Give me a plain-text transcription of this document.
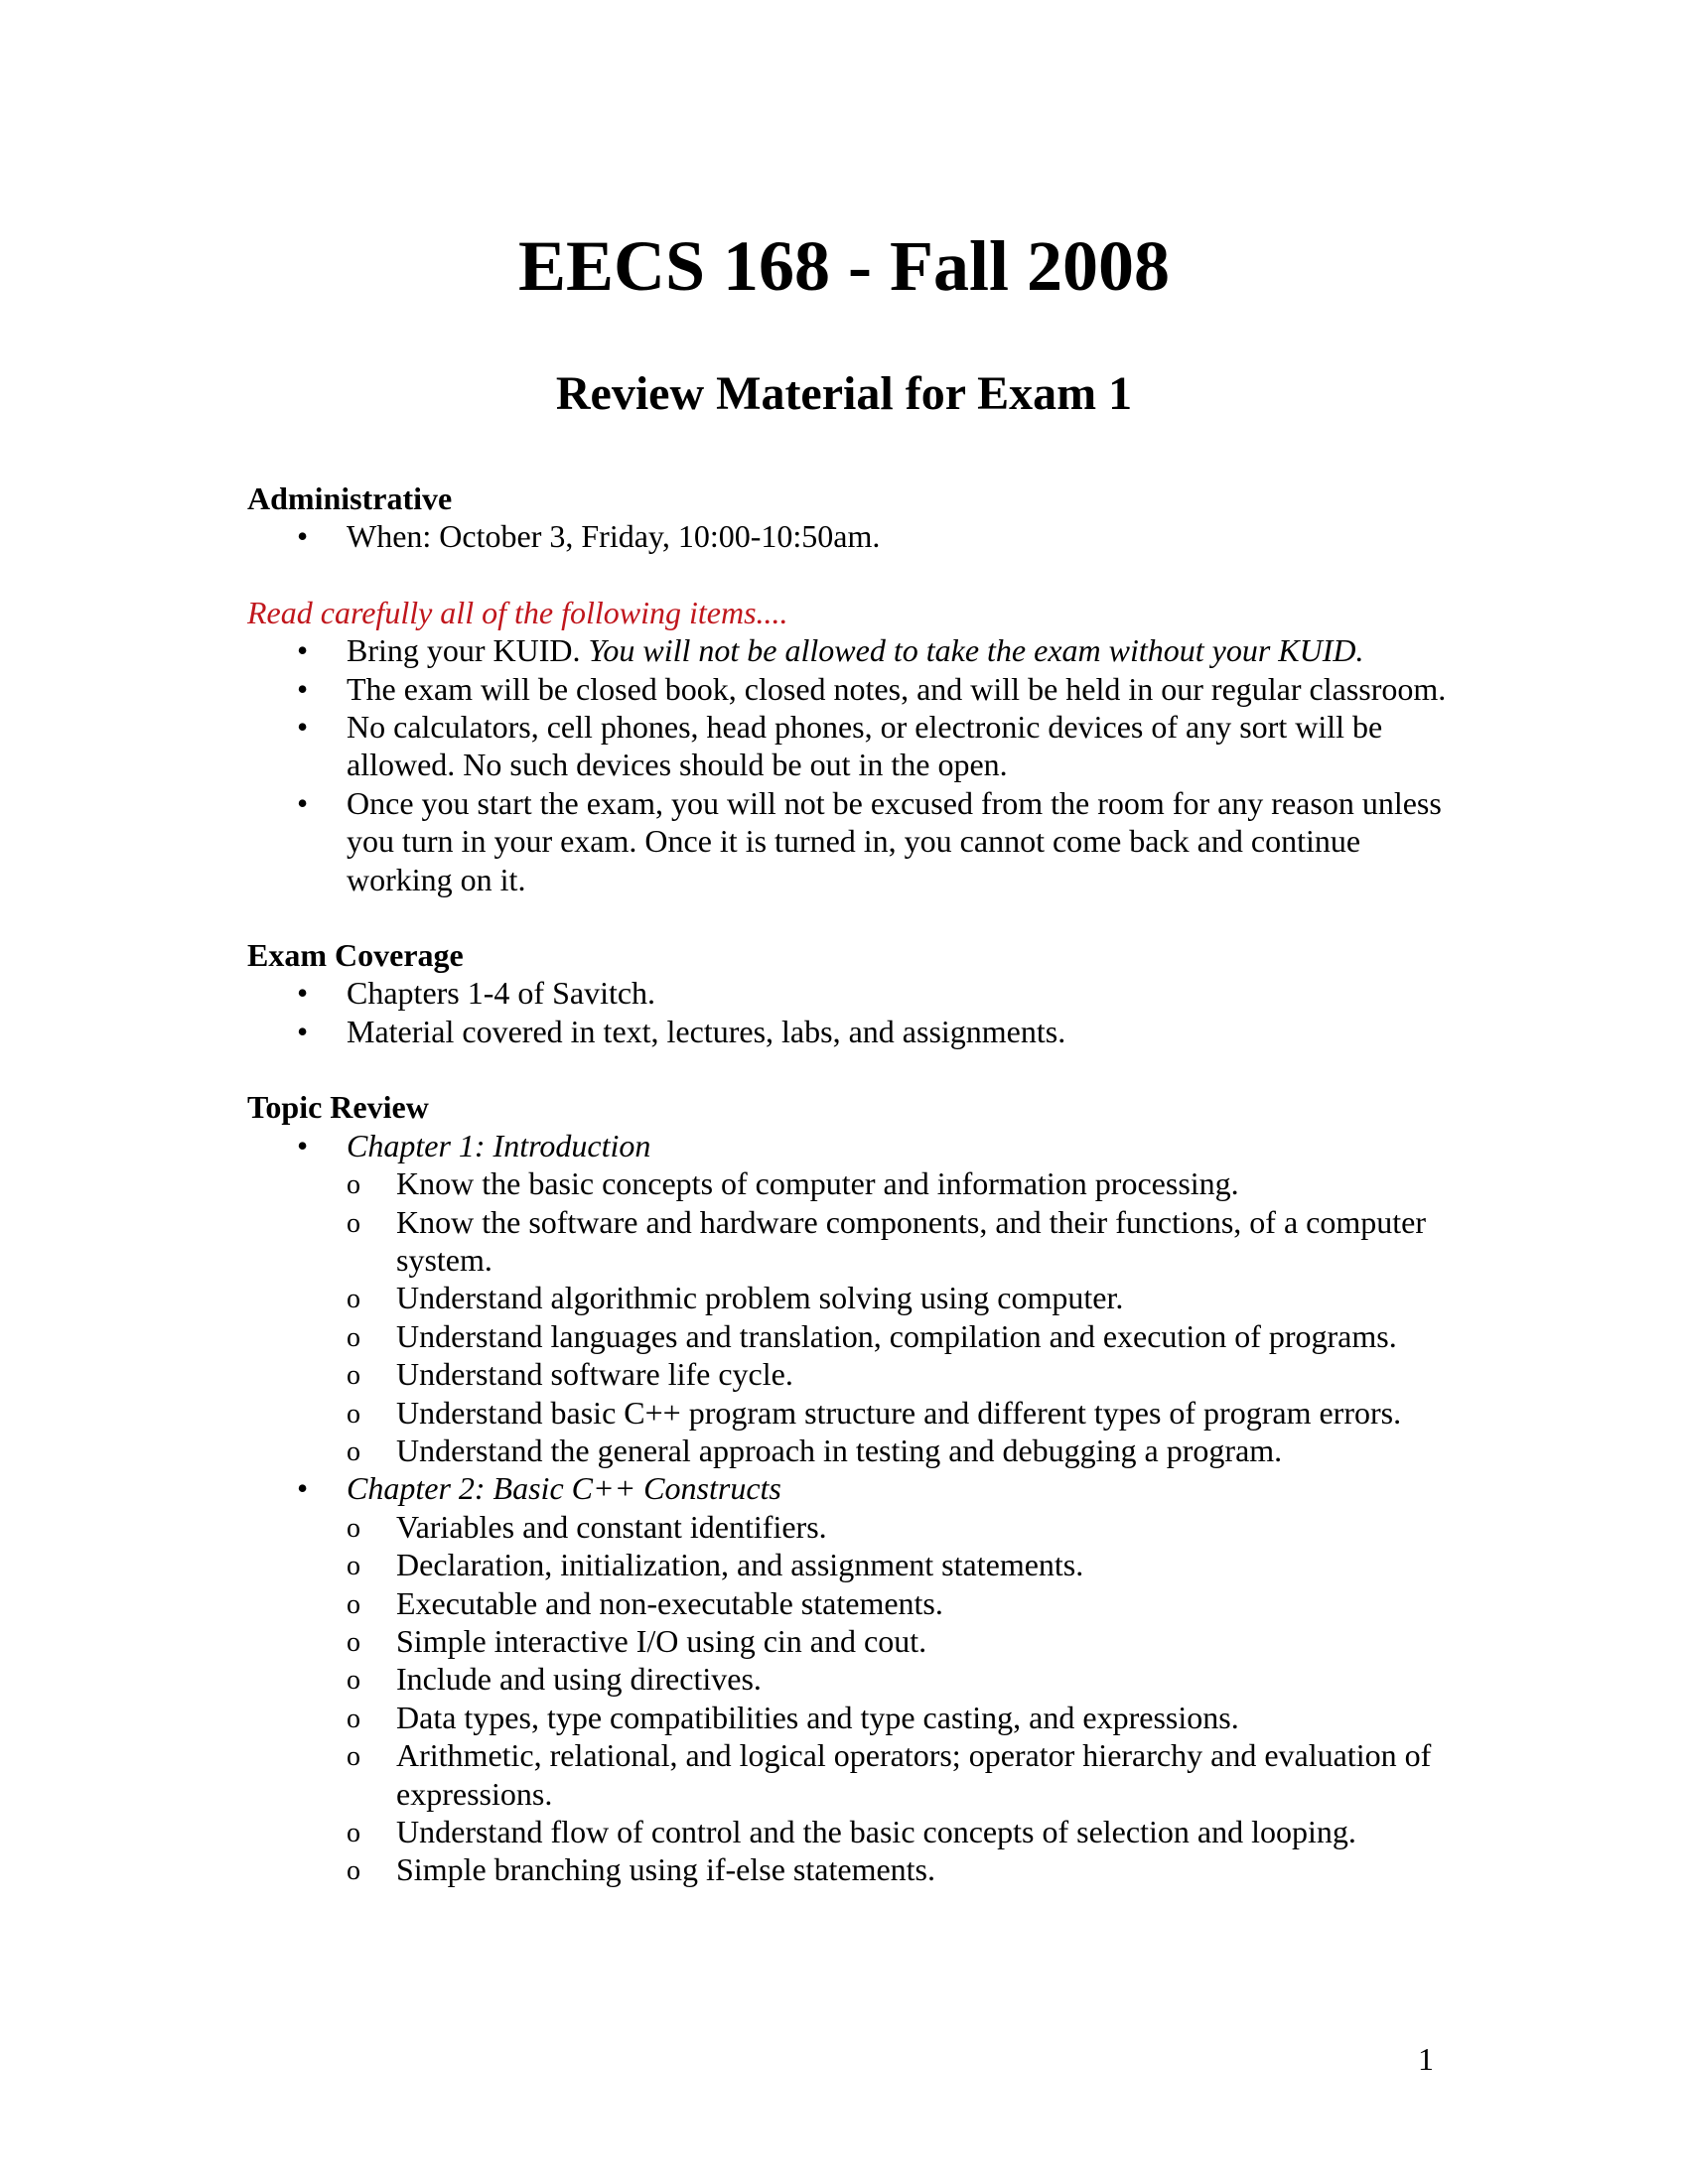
EECS 168 - Fall 2008
Review Material for Exam 1

Administrative

• When: October 3, Friday, 10:00-10:50am.

Read carefully all of the following items....

• Bring your KUID. You will not be allowed to take the exam without your KUID.
• The exam will be closed book, closed notes, and will be held in our regular classroom.
• No calculators, cell phones, head phones, or electronic devices of any sort will be allowed. No such devices should be out in the open.
• Once you start the exam, you will not be excused from the room for any reason unless you turn in your exam. Once it is turned in, you cannot come back and continue working on it.

Exam Coverage

• Chapters 1-4 of Savitch.
• Material covered in text, lectures, labs, and assignments.

Topic Review

• Chapter 1: Introduction
o Know the basic concepts of computer and information processing.
o Know the software and hardware components, and their functions, of a computer system.
o Understand algorithmic problem solving using computer.
o Understand languages and translation, compilation and execution of programs.
o Understand software life cycle.
o Understand basic C++ program structure and different types of program errors.
o Understand the general approach in testing and debugging a program.
• Chapter 2: Basic C++ Constructs
o Variables and constant identifiers.
o Declaration, initialization, and assignment statements.
o Executable and non-executable statements.
o Simple interactive I/O using cin and cout.
o Include and using directives.
o Data types, type compatibilities and type casting, and expressions.
o Arithmetic, relational, and logical operators; operator hierarchy and evaluation of expressions.
o Understand flow of control and the basic concepts of selection and looping.
o Simple branching using if-else statements.
1
